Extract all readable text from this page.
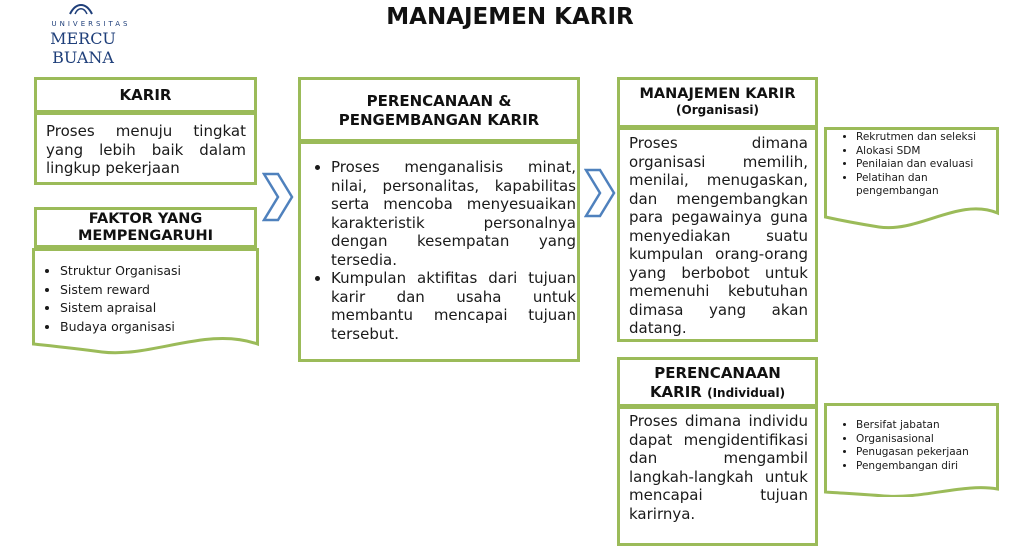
UNIVERSITAS
MERCU BUANA
MANAJEMEN KARIR
KARIR
Proses menuju tingkat yang lebih baik dalam lingkup pekerjaan
FAKTOR YANG
MEMPENGARUHI
• Struktur Organisasi
• Sistem reward
• Sistem apraisal
• Budaya organisasi
PERENCANAAN &
PENGEMBANGAN KARIR
• Proses menganalisis minat, nilai, personalitas, kapabilitas serta mencoba menyesuaikan karakteristik personalnya dengan kesempatan yang tersedia.
• Kumpulan aktifitas dari tujuan karir dan usaha untuk membantu mencapai tujuan tersebut.
MANAJEMEN KARIR
(Organisasi)
Proses dimana organisasi memilih, menilai, menugaskan, dan mengembangkan para pegawainya guna menyediakan suatu kumpulan orang-orang yang berbobot untuk memenuhi kebutuhan dimasa yang akan datang.
• Rekrutmen dan seleksi
• Alokasi SDM
• Penilaian dan evaluasi
• Pelatihan dan pengembangan
PERENCANAAN
KARIR (Individual)
Proses dimana individu dapat mengidentifikasi dan mengambil langkah-langkah untuk mencapai tujuan karirnya.
• Bersifat jabatan
• Organisasional
• Penugasan pekerjaan
• Pengembangan diri
